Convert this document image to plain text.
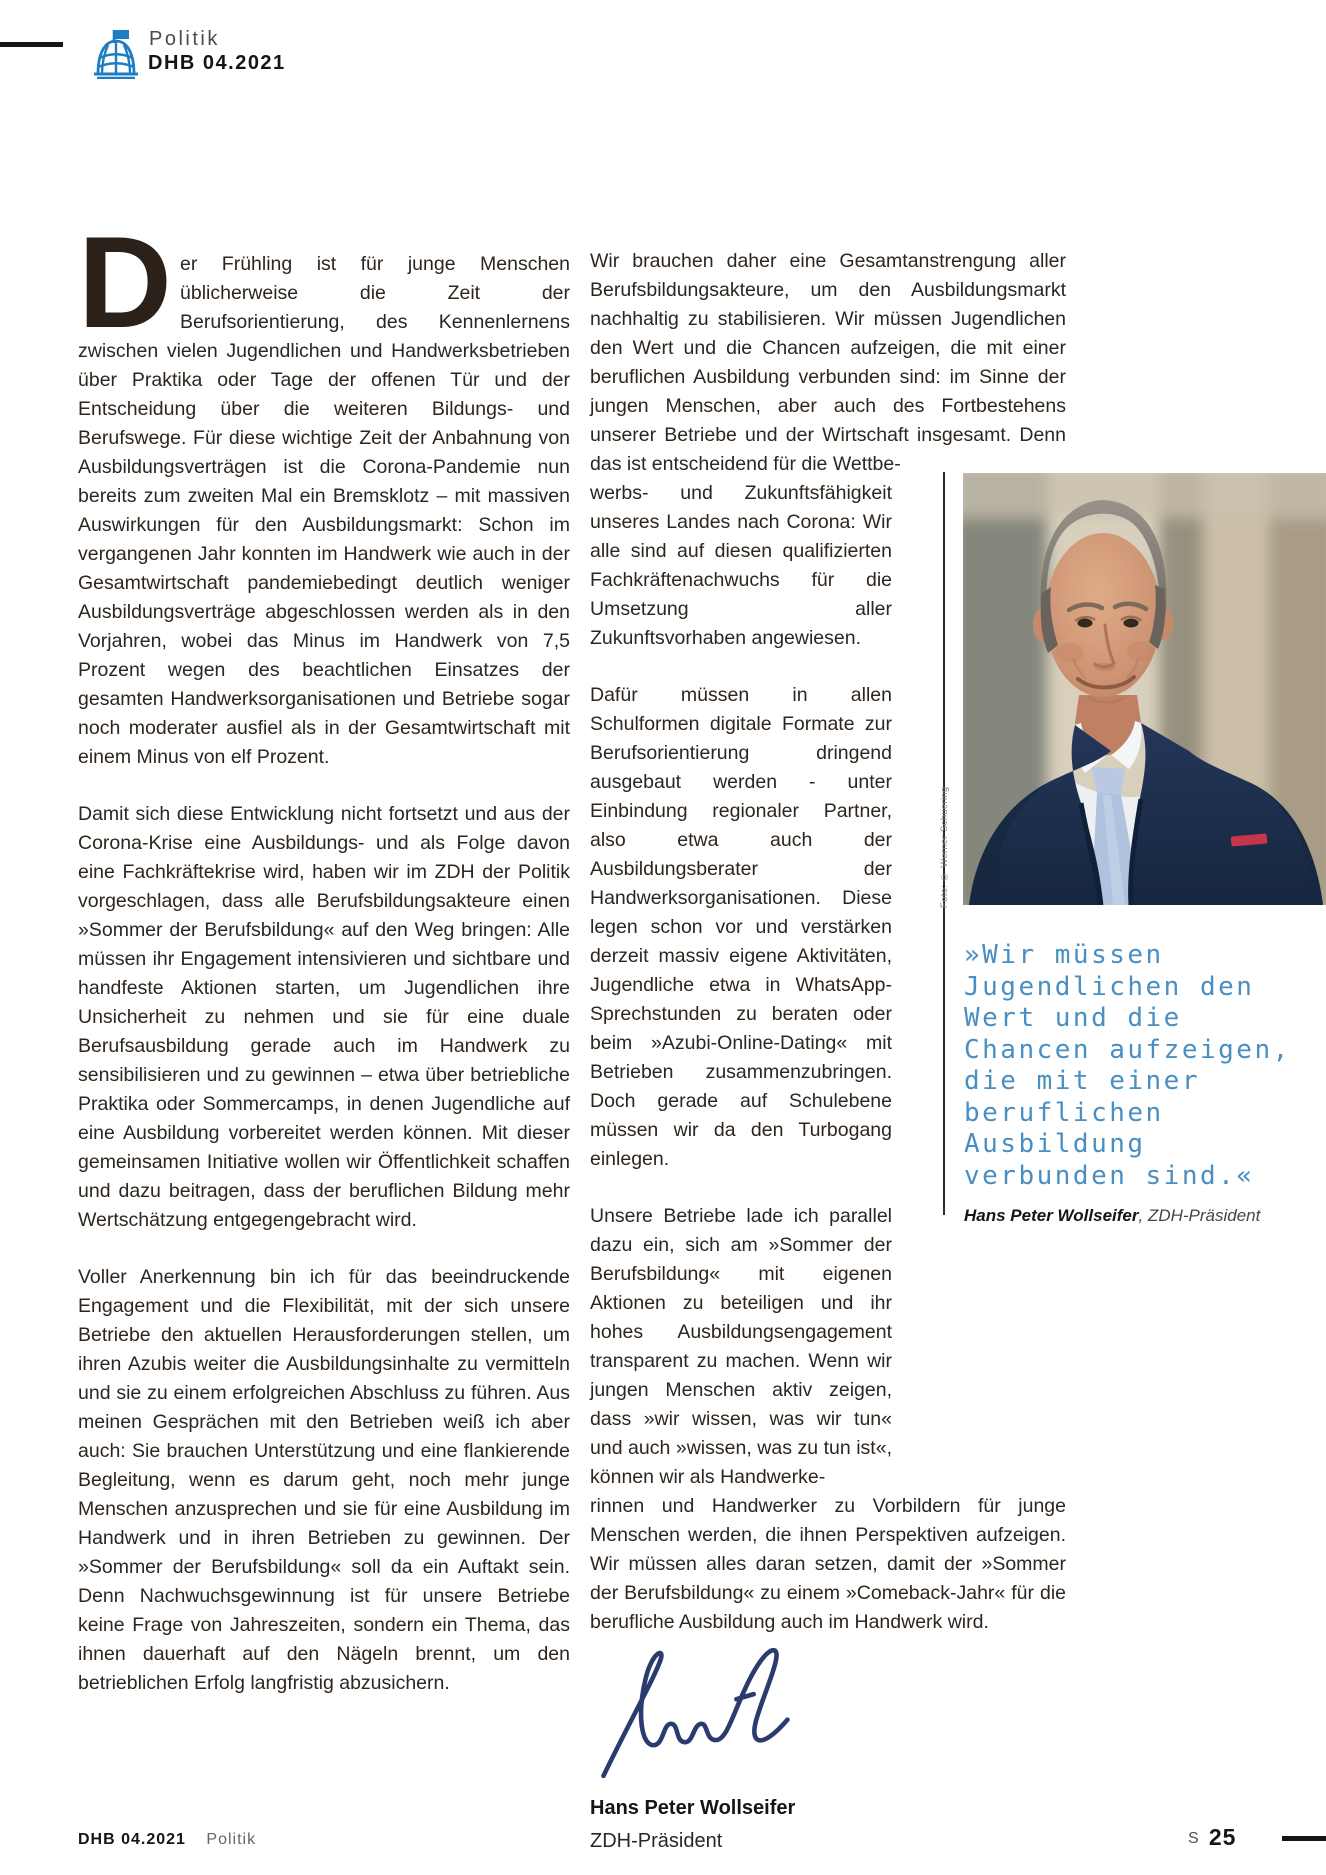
Politik
DHB 04.2021

Der Frühling ist für junge Menschen üblicherweise die Zeit der Berufsorientierung, des Kennenlernens zwischen vielen Jugendlichen und Handwerksbetrieben über Praktika oder Tage der offenen Tür und der Entscheidung über die weiteren Bildungs- und Berufswege. Für diese wichtige Zeit der Anbahnung von Ausbildungsverträgen ist die Corona-Pandemie nun bereits zum zweiten Mal ein Bremsklotz – mit massiven Auswirkungen für den Ausbildungsmarkt: Schon im vergangenen Jahr konnten im Handwerk wie auch in der Gesamtwirtschaft pandemiebedingt deutlich weniger Ausbildungsverträge abgeschlossen werden als in den Vorjahren, wobei das Minus im Handwerk von 7,5 Prozent wegen des beachtlichen Einsatzes der gesamten Handwerksorganisationen und Betriebe sogar noch moderater ausfiel als in der Gesamtwirtschaft mit einem Minus von elf Prozent.

Damit sich diese Entwicklung nicht fortsetzt und aus der Corona-Krise eine Ausbildungs- und als Folge davon eine Fachkräftekrise wird, haben wir im ZDH der Politik vorgeschlagen, dass alle Berufsbildungsakteure einen »Sommer der Berufsbildung« auf den Weg bringen: Alle müssen ihr Engagement intensivieren und sichtbare und handfeste Aktionen starten, um Jugendlichen ihre Unsicherheit zu nehmen und sie für eine duale Berufsausbildung gerade auch im Handwerk zu sensibilisieren und zu gewinnen – etwa über betriebliche Praktika oder Sommercamps, in denen Jugendliche auf eine Ausbildung vorbereitet werden können. Mit dieser gemeinsamen Initiative wollen wir Öffentlichkeit schaffen und dazu beitragen, dass der beruflichen Bildung mehr Wertschätzung entgegengebracht wird.

Voller Anerkennung bin ich für das beeindruckende Engagement und die Flexibilität, mit der sich unsere Betriebe den aktuellen Herausforderungen stellen, um ihren Azubis weiter die Ausbildungsinhalte zu vermitteln und sie zu einem erfolgreichen Abschluss zu führen. Aus meinen Gesprächen mit den Betrieben weiß ich aber auch: Sie brauchen Unterstützung und eine flankierende Begleitung, wenn es darum geht, noch mehr junge Menschen anzusprechen und sie für eine Ausbildung im Handwerk und in ihren Betrieben zu gewinnen. Der »Sommer der Berufsbildung« soll da ein Auftakt sein. Denn Nachwuchsgewinnung ist für unsere Betriebe keine Frage von Jahreszeiten, sondern ein Thema, das ihnen dauerhaft auf den Nägeln brennt, um den betrieblichen Erfolg langfristig abzusichern.

Wir brauchen daher eine Gesamtanstrengung aller Berufsbildungsakteure, um den Ausbildungsmarkt nachhaltig zu stabilisieren. Wir müssen Jugendlichen den Wert und die Chancen aufzeigen, die mit einer beruflichen Ausbildung verbunden sind: im Sinne der jungen Menschen, aber auch des Fortbestehens unserer Betriebe und der Wirtschaft insgesamt. Denn das ist entscheidend für die Wettbe-

werbs- und Zukunftsfähigkeit unseres Landes nach Corona: Wir alle sind auf diesen qualifizierten Fachkräftenachwuchs für die Umsetzung aller Zukunftsvorhaben angewiesen.

Dafür müssen in allen Schulformen digitale Formate zur Berufsorientierung dringend ausgebaut werden - unter Einbindung regionaler Partner, also etwa auch der Ausbildungsberater der Handwerksorganisationen. Diese legen schon vor und verstärken derzeit massiv eigene Aktivitäten, Jugendliche etwa in WhatsApp-Sprechstunden zu beraten oder beim »Azubi-Online-Dating« mit Betrieben zusammenzubringen. Doch gerade auf Schulebene müssen wir da den Turbogang einlegen.

Unsere Betriebe lade ich parallel dazu ein, sich am »Sommer der Berufsbildung« mit eigenen Aktionen zu beteiligen und ihr hohes Ausbildungsengagement transparent zu machen. Wenn wir jungen Menschen aktiv zeigen, dass »wir wissen, was wir tun« und auch »wissen, was zu tun ist«, können wir als Handwerke-

rinnen und Handwerker zu Vorbildern für junge Menschen werden, die ihnen Perspektiven aufzeigen. Wir müssen alles daran setzen, damit der »Sommer der Berufsbildung« zu einem »Comeback-Jahr« für die berufliche Ausbildung auch im Handwerk wird.

Hans Peter Wollseifer
ZDH-Präsident
Foto: © Werner Schuering
»Wir müssen
Jugendlichen den
Wert und die
Chancen aufzeigen,
die mit einer
beruflichen
Ausbildung
verbunden sind.«
Hans Peter Wollseifer, ZDH-Präsident
DHB 04.2021 Politik	S 25
